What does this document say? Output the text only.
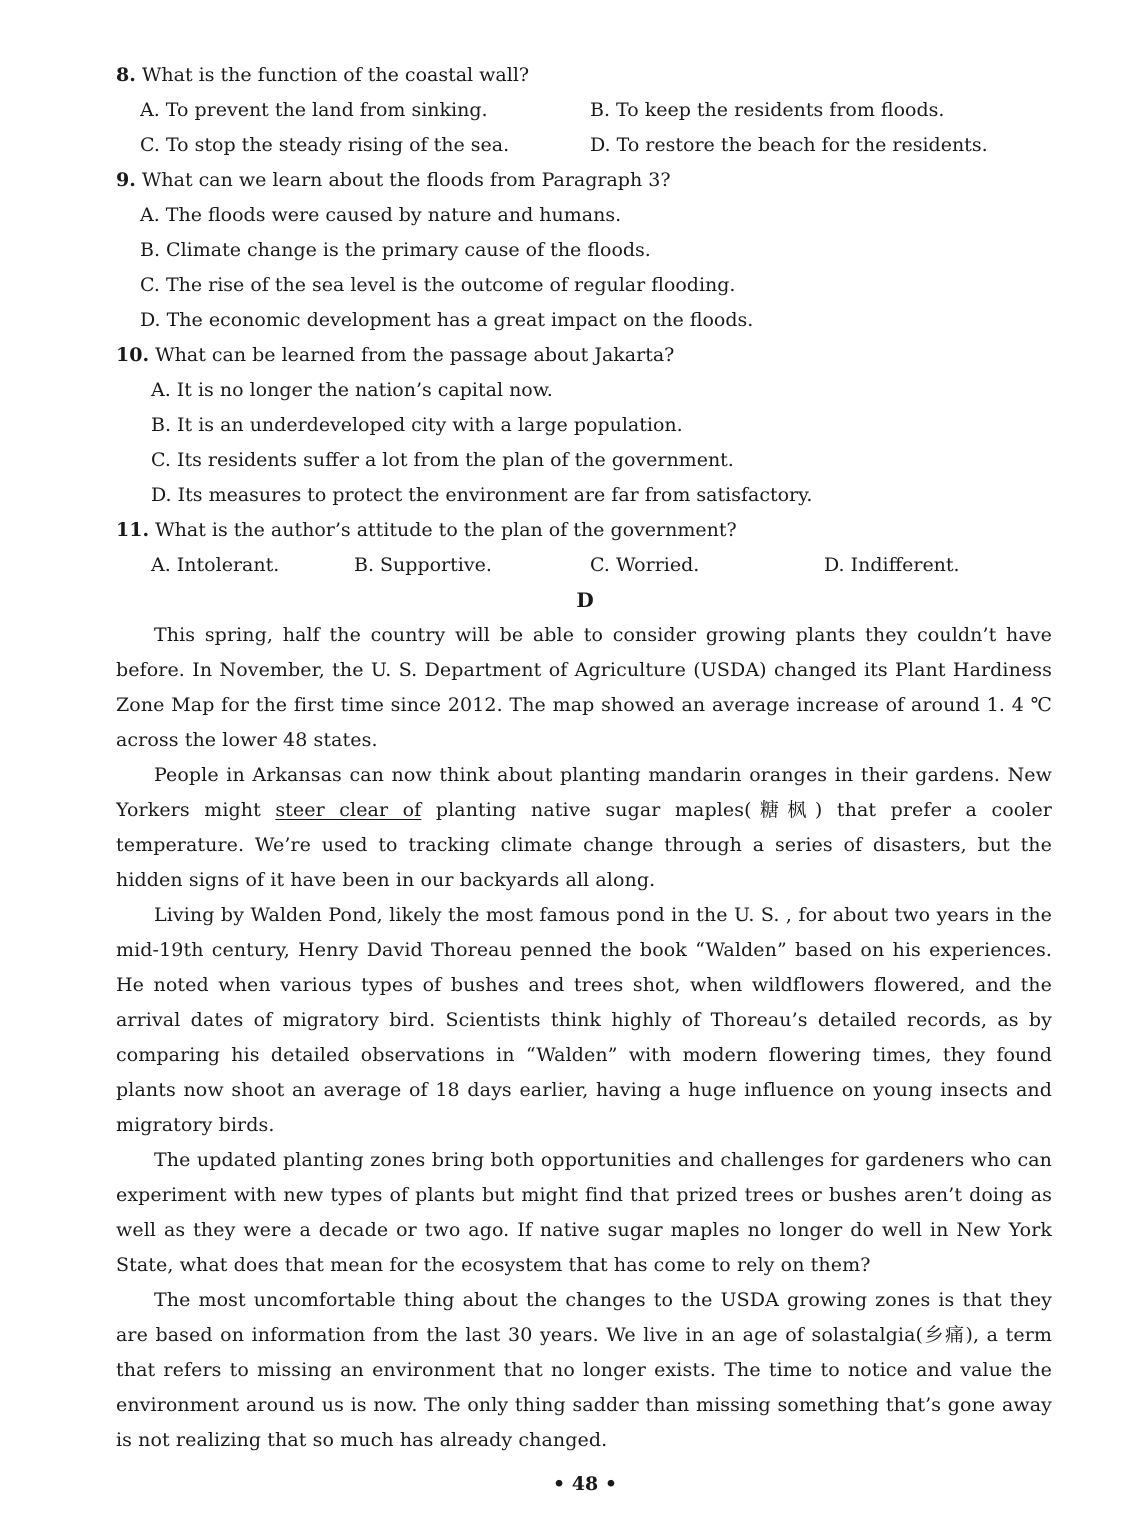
8. What is the function of the coastal wall?
A. To prevent the land from sinking.	B. To keep the residents from floods.
C. To stop the steady rising of the sea.	D. To restore the beach for the residents.
9. What can we learn about the floods from Paragraph 3?
A. The floods were caused by nature and humans.
B. Climate change is the primary cause of the floods.
C. The rise of the sea level is the outcome of regular flooding.
D. The economic development has a great impact on the floods.
10. What can be learned from the passage about Jakarta?
A. It is no longer the nation’s capital now.
B. It is an underdeveloped city with a large population.
C. Its residents suffer a lot from the plan of the government.
D. Its measures to protect the environment are far from satisfactory.
11. What is the author’s attitude to the plan of the government?
A. Intolerant.	B. Supportive.	C. Worried.	D. Indifferent.
D
This spring, half the country will be able to consider growing plants they couldn’t have before. In November, the U. S. Department of Agriculture (USDA) changed its Plant Hardiness Zone Map for the first time since 2012. The map showed an average increase of around 1. 4 ℃ across the lower 48 states.
People in Arkansas can now think about planting mandarin oranges in their gardens. New Yorkers might steer clear of planting native sugar maples(糖枫) that prefer a cooler temperature. We’re used to tracking climate change through a series of disasters, but the hidden signs of it have been in our backyards all along.
Living by Walden Pond, likely the most famous pond in the U. S. , for about two years in the mid-19th century, Henry David Thoreau penned the book “Walden” based on his experiences. He noted when various types of bushes and trees shot, when wildflowers flowered, and the arrival dates of migratory bird. Scientists think highly of Thoreau’s detailed records, as by comparing his detailed observations in “Walden” with modern flowering times, they found plants now shoot an average of 18 days earlier, having a huge influence on young insects and migratory birds.
The updated planting zones bring both opportunities and challenges for gardeners who can experiment with new types of plants but might find that prized trees or bushes aren’t doing as well as they were a decade or two ago. If native sugar maples no longer do well in New York State, what does that mean for the ecosystem that has come to rely on them?
The most uncomfortable thing about the changes to the USDA growing zones is that they are based on information from the last 30 years. We live in an age of solastalgia(乡痛), a term that refers to missing an environment that no longer exists. The time to notice and value the environment around us is now. The only thing sadder than missing something that’s gone away is not realizing that so much has already changed.
• 48 •
